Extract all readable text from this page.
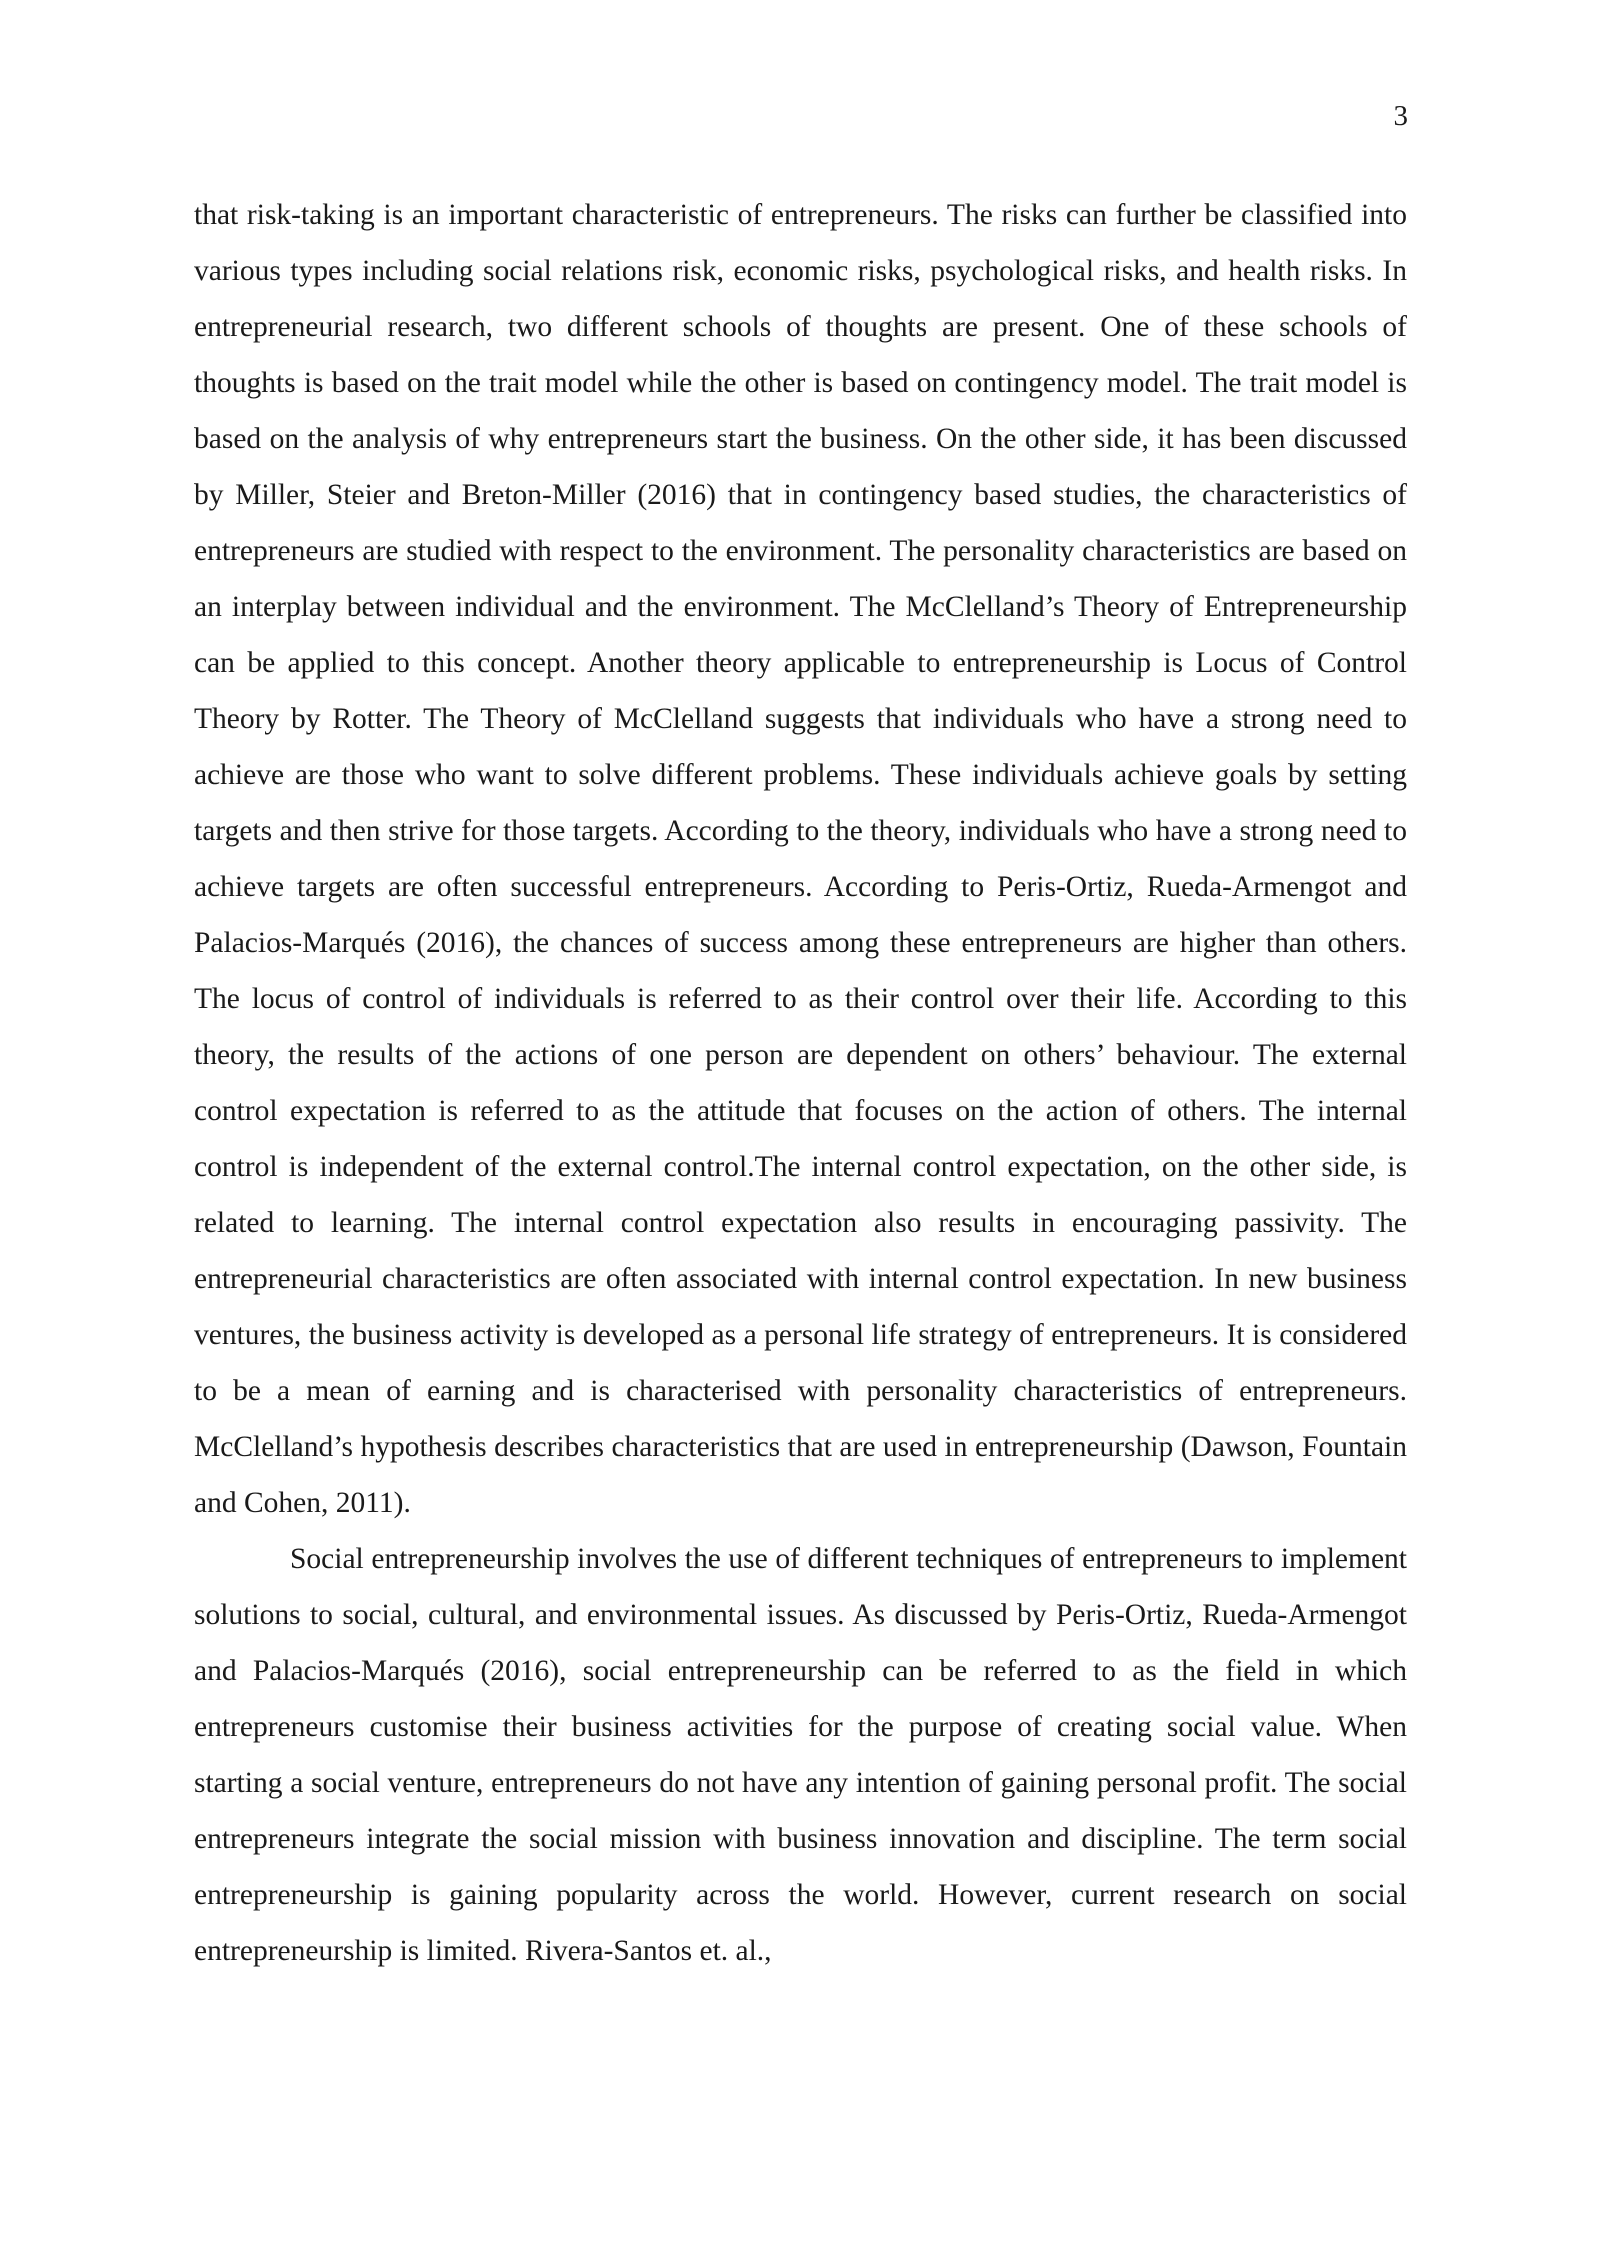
3

that risk-taking is an important characteristic of entrepreneurs. The risks can further be classified into various types including social relations risk, economic risks, psychological risks, and health risks. In entrepreneurial research, two different schools of thoughts are present. One of these schools of thoughts is based on the trait model while the other is based on contingency model. The trait model is based on the analysis of why entrepreneurs start the business. On the other side, it has been discussed by Miller, Steier and Breton-Miller (2016) that in contingency based studies, the characteristics of entrepreneurs are studied with respect to the environment. The personality characteristics are based on an interplay between individual and the environment. The McClelland’s Theory of Entrepreneurship can be applied to this concept. Another theory applicable to entrepreneurship is Locus of Control Theory by Rotter. The Theory of McClelland suggests that individuals who have a strong need to achieve are those who want to solve different problems. These individuals achieve goals by setting targets and then strive for those targets. According to the theory, individuals who have a strong need to achieve targets are often successful entrepreneurs. According to Peris-Ortiz, Rueda-Armengot and Palacios-Marqués (2016), the chances of success among these entrepreneurs are higher than others. The locus of control of individuals is referred to as their control over their life. According to this theory, the results of the actions of one person are dependent on others’ behaviour. The external control expectation is referred to as the attitude that focuses on the action of others. The internal control is independent of the external control.The internal control expectation, on the other side, is related to learning. The internal control expectation also results in encouraging passivity. The entrepreneurial characteristics are often associated with internal control expectation. In new business ventures, the business activity is developed as a personal life strategy of entrepreneurs. It is considered to be a mean of earning and is characterised with personality characteristics of entrepreneurs. McClelland’s hypothesis describes characteristics that are used in entrepreneurship (Dawson, Fountain and Cohen, 2011).

Social entrepreneurship involves the use of different techniques of entrepreneurs to implement solutions to social, cultural, and environmental issues. As discussed by Peris-Ortiz, Rueda-Armengot and Palacios-Marqués (2016), social entrepreneurship can be referred to as the field in which entrepreneurs customise their business activities for the purpose of creating social value. When starting a social venture, entrepreneurs do not have any intention of gaining personal profit. The social entrepreneurs integrate the social mission with business innovation and discipline. The term social entrepreneurship is gaining popularity across the world. However, current research on social entrepreneurship is limited. Rivera-Santos et. al.,
